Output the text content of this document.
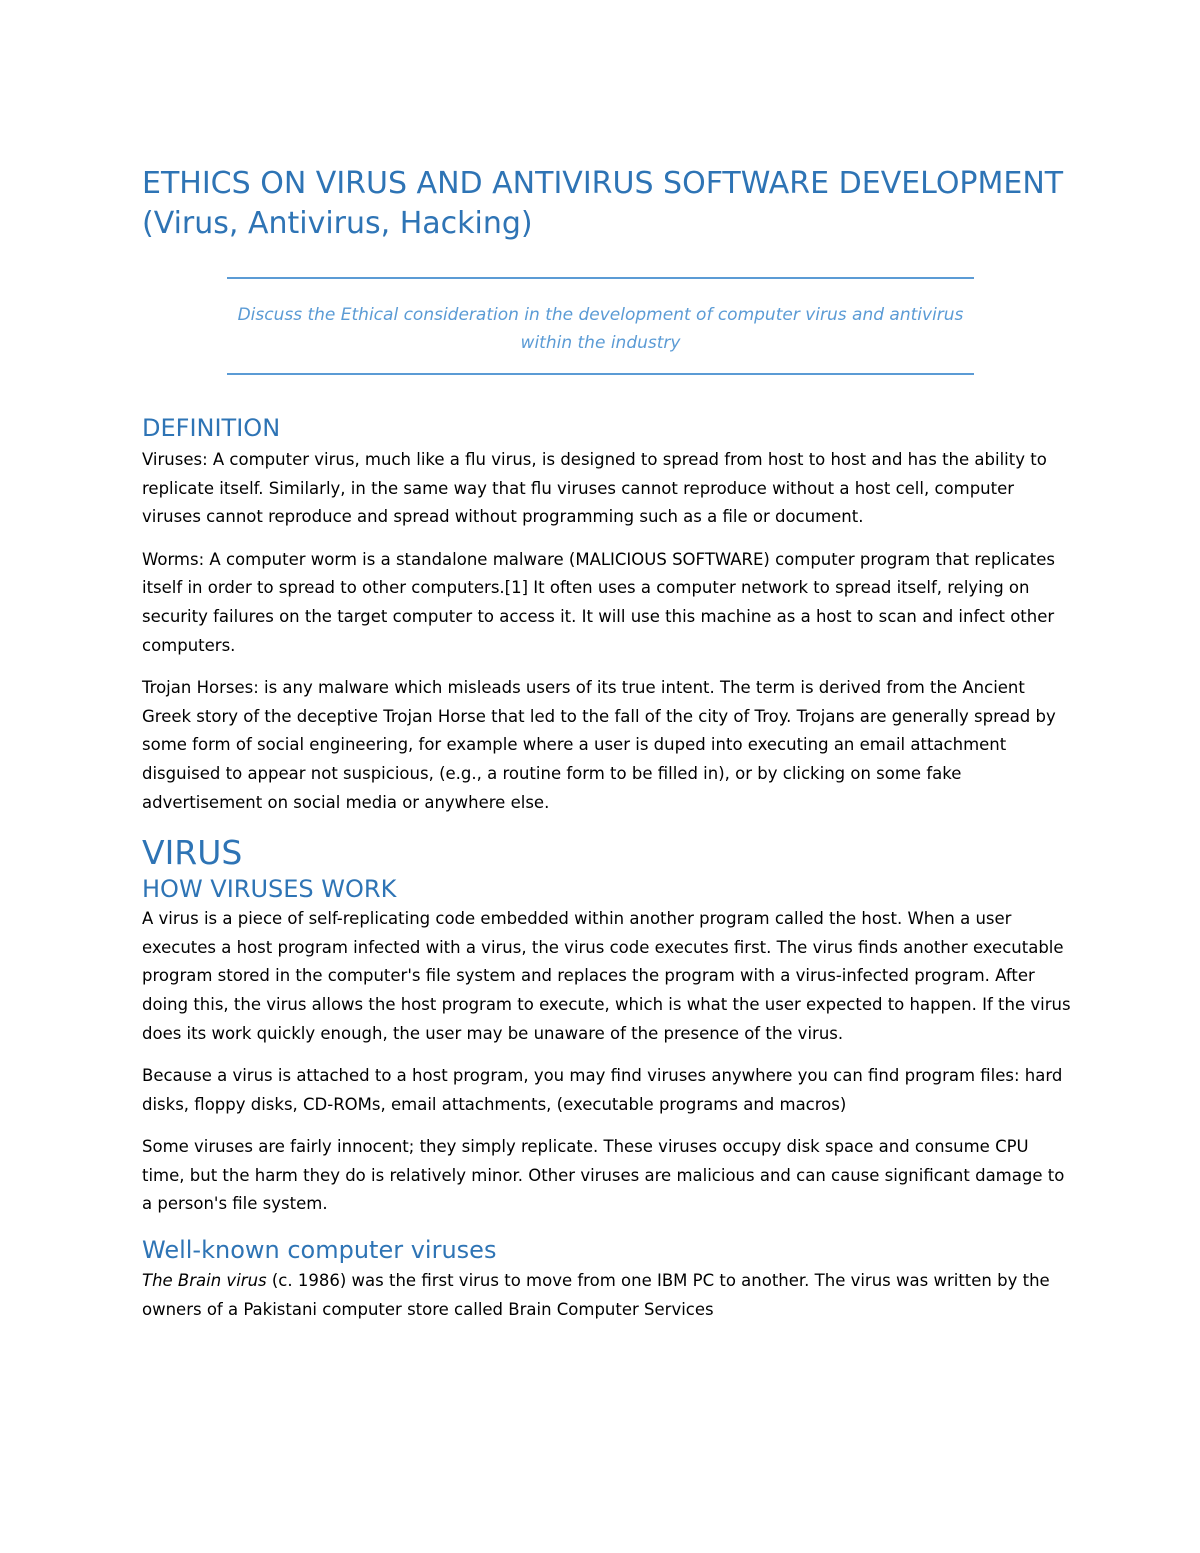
ETHICS ON VIRUS AND ANTIVIRUS SOFTWARE DEVELOPMENT (Virus, Antivirus, Hacking)

Discuss the Ethical consideration in the development of computer virus and antivirus within the industry

DEFINITION

Viruses: A computer virus, much like a flu virus, is designed to spread from host to host and has the ability to replicate itself. Similarly, in the same way that flu viruses cannot reproduce without a host cell, computer viruses cannot reproduce and spread without programming such as a file or document.

Worms: A computer worm is a standalone malware (MALICIOUS SOFTWARE) computer program that replicates itself in order to spread to other computers.[1] It often uses a computer network to spread itself, relying on security failures on the target computer to access it. It will use this machine as a host to scan and infect other computers.

Trojan Horses: is any malware which misleads users of its true intent. The term is derived from the Ancient Greek story of the deceptive Trojan Horse that led to the fall of the city of Troy. Trojans are generally spread by some form of social engineering, for example where a user is duped into executing an email attachment disguised to appear not suspicious, (e.g., a routine form to be filled in), or by clicking on some fake advertisement on social media or anywhere else.

VIRUS
HOW VIRUSES WORK

A virus is a piece of self-replicating code embedded within another program called the host. When a user executes a host program infected with a virus, the virus code executes first. The virus finds another executable program stored in the computer's file system and replaces the program with a virus-infected program. After doing this, the virus allows the host program to execute, which is what the user expected to happen. If the virus does its work quickly enough, the user may be unaware of the presence of the virus.

Because a virus is attached to a host program, you may find viruses anywhere you can find program files: hard disks, floppy disks, CD-ROMs, email attachments, (executable programs and macros)

Some viruses are fairly innocent; they simply replicate. These viruses occupy disk space and consume CPU time, but the harm they do is relatively minor. Other viruses are malicious and can cause significant damage to a person's file system.

Well-known computer viruses

The Brain virus (c. 1986) was the first virus to move from one IBM PC to another. The virus was written by the owners of a Pakistani computer store called Brain Computer Services
